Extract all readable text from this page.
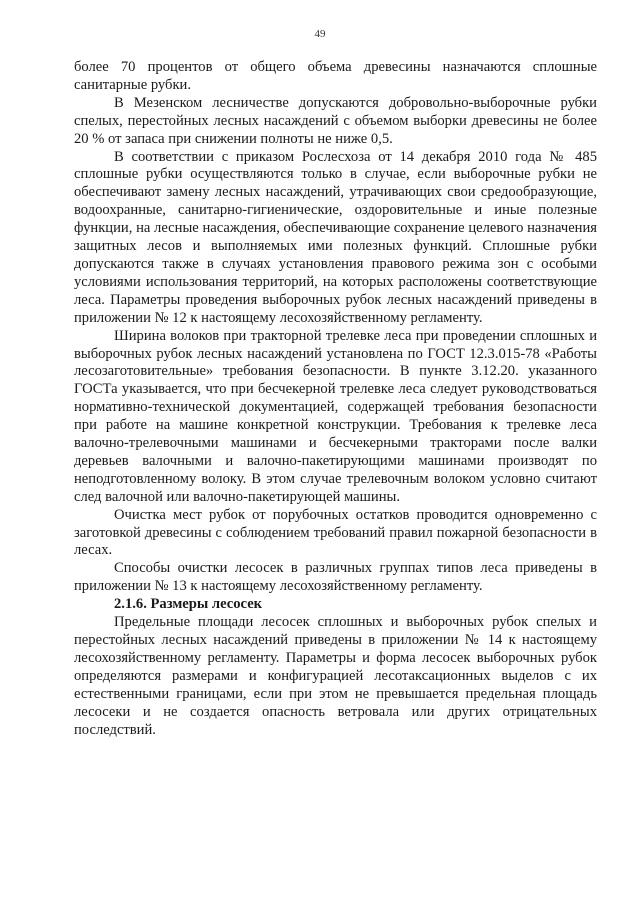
49

более 70 процентов от общего объема древесины назначаются сплошные санитарные рубки.

В Мезенском лесничестве допускаются добровольно-выборочные рубки спелых, перестойных лесных насаждений с объемом выборки древесины не более 20 % от запаса при снижении полноты не ниже 0,5.

В соответствии с приказом Рослесхоза от 14 декабря 2010 года № 485 сплошные рубки осуществляются только в случае, если выборочные рубки не обеспечивают замену лесных насаждений, утрачивающих свои средообразующие, водоохранные, санитарно-гигиенические, оздоровительные и иные полезные функции, на лесные насаждения, обеспечивающие сохранение целевого назначения защитных лесов и выполняемых ими полезных функций. Сплошные рубки допускаются также в случаях установления правового режима зон с особыми условиями использования территорий, на которых расположены соответствующие леса. Параметры проведения выборочных рубок лесных насаждений приведены в приложении № 12 к настоящему лесохозяйственному регламенту.

Ширина волоков при тракторной трелевке леса при проведении сплошных и выборочных рубок лесных насаждений установлена по ГОСТ 12.3.015-78 «Работы лесозаготовительные» требования безопасности. В пункте 3.12.20. указанного ГОСТа указывается, что при бесчекерной трелевке леса следует руководствоваться нормативно-технической документацией, содержащей требования безопасности при работе на машине конкретной конструкции. Требования к трелевке леса валочно-трелевочными машинами и бесчекерными тракторами после валки деревьев валочными и валочно-пакетирующими машинами производят по неподготовленному волоку. В этом случае трелевочным волоком условно считают след валочной или валочно-пакетирующей машины.

Очистка мест рубок от порубочных остатков проводится одновременно с заготовкой древесины с соблюдением требований правил пожарной безопасности в лесах.

Способы очистки лесосек в различных группах типов леса приведены в приложении № 13 к настоящему лесохозяйственному регламенту.

2.1.6. Размеры лесосек

Предельные площади лесосек сплошных и выборочных рубок спелых и перестойных лесных насаждений приведены в приложении № 14 к настоящему лесохозяйственному регламенту. Параметры и форма лесосек выборочных рубок определяются размерами и конфигурацией лесотаксационных выделов с их естественными границами, если при этом не превышается предельная площадь лесосеки и не создается опасность ветровала или других отрицательных последствий.
